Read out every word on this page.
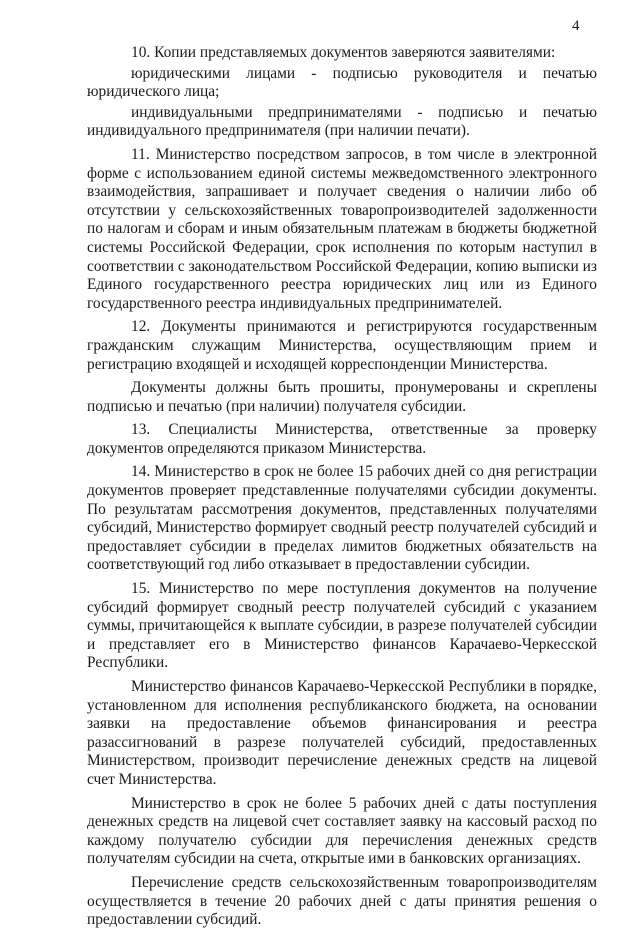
4

10. Копии представляемых документов заверяются заявителями:

юридическими лицами - подписью руководителя и печатью юридического лица;

индивидуальными предпринимателями - подписью и печатью индивидуального предпринимателя (при наличии печати).

11. Министерство посредством запросов, в том числе в электронной форме с использованием единой системы межведомственного электронного взаимодействия, запрашивает и получает сведения о наличии либо об отсутствии у сельскохозяйственных товаропроизводителей задолженности по налогам и сборам и иным обязательным платежам в бюджеты бюджетной системы Российской Федерации, срок исполнения по которым наступил в соответствии с законодательством Российской Федерации, копию выписки из Единого государственного реестра юридических лиц или из Единого государственного реестра индивидуальных предпринимателей.

12. Документы принимаются и регистрируются государственным гражданским служащим Министерства, осуществляющим прием и регистрацию входящей и исходящей корреспонденции Министерства.

Документы должны быть прошиты, пронумерованы и скреплены подписью и печатью (при наличии) получателя субсидии.

13. Специалисты Министерства, ответственные за проверку документов определяются приказом Министерства.

14. Министерство в срок не более 15 рабочих дней со дня регистрации документов проверяет представленные получателями субсидии документы. По результатам рассмотрения документов, представленных получателями субсидий, Министерство формирует сводный реестр получателей субсидий и предоставляет субсидии в пределах лимитов бюджетных обязательств на соответствующий год либо отказывает в предоставлении субсидии.

15. Министерство по мере поступления документов на получение субсидий формирует сводный реестр получателей субсидий с указанием суммы, причитающейся к выплате субсидии, в разрезе получателей субсидии и представляет его в Министерство финансов Карачаево-Черкесской Республики.

Министерство финансов Карачаево-Черкесской Республики в порядке, установленном для исполнения республиканского бюджета, на основании заявки на предоставление объемов финансирования и реестра разассигнований в разрезе получателей субсидий, предоставленных Министерством, производит перечисление денежных средств на лицевой счет Министерства.

Министерство в срок не более 5 рабочих дней с даты поступления денежных средств на лицевой счет составляет заявку на кассовый расход по каждому получателю субсидии для перечисления денежных средств получателям субсидии на счета, открытые ими в банковских организациях.

Перечисление средств сельскохозяйственным товаропроизводителям осуществляется в течение 20 рабочих дней с даты принятия решения о предоставлении субсидий.
